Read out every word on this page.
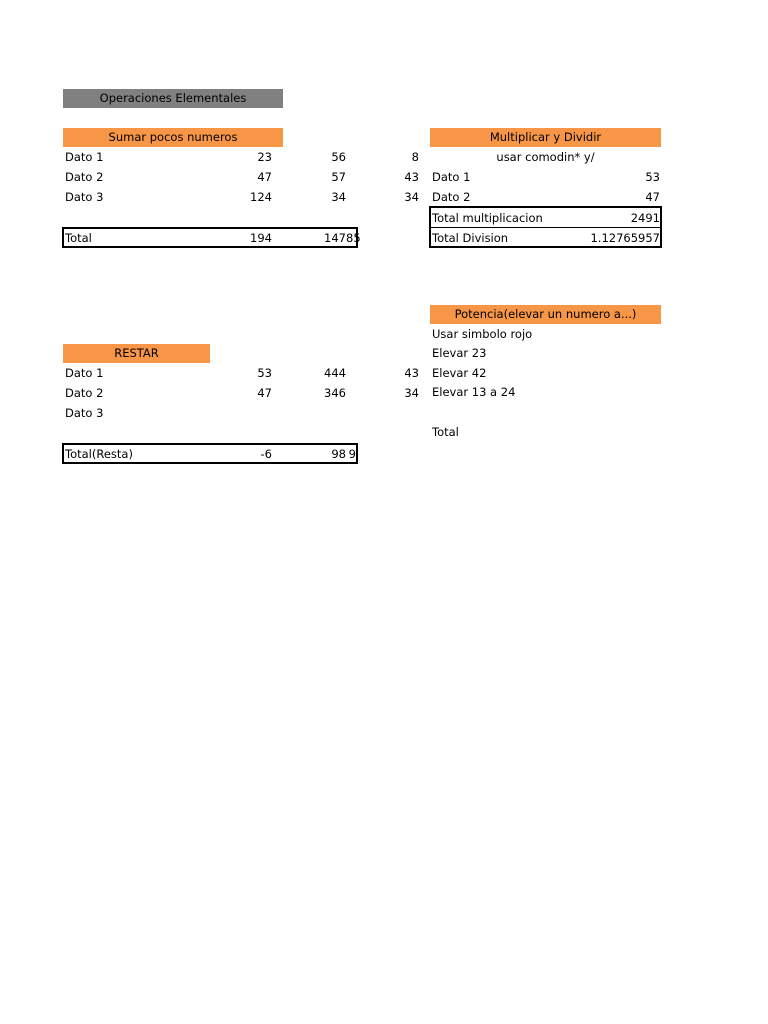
Operaciones Elementales
Sumar pocos numeros
Dato 1	23	56	8
Dato 2	47	57	43
Dato 3	124	34	34
Total	194	147 85
Multiplicar y Dividir
usar comodin* y/
Dato 1	53
Dato 2	47
Total multiplicacion	2491
Total Division	1.12765957
Potencia(elevar un numero a...)
Usar simbolo rojo
Elevar 23
Elevar 42
Elevar 13 a 24
Total
RESTAR
Dato 1	53	444	43
Dato 2	47	346	34
Dato 3
Total(Resta)	-6	98 9
